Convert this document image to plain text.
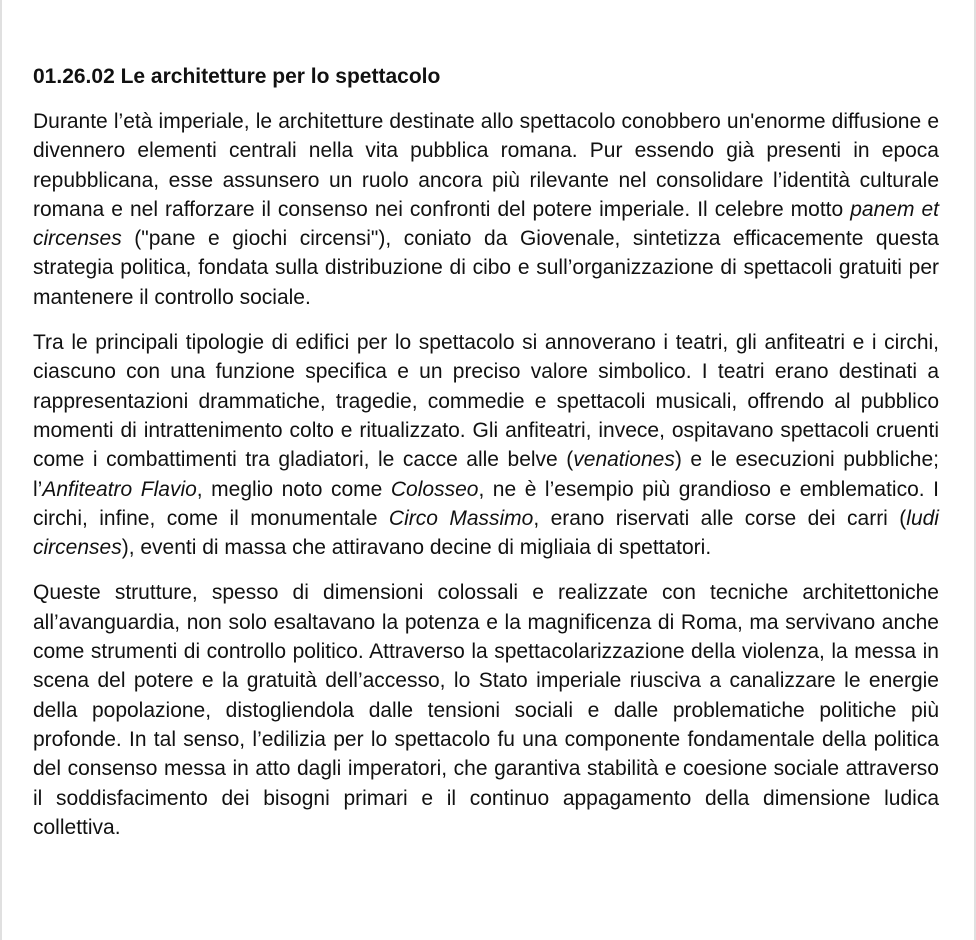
01.26.02 Le architetture per lo spettacolo

Durante l’età imperiale, le architetture destinate allo spettacolo conobbero un'enorme diffusione e divennero elementi centrali nella vita pubblica romana. Pur essendo già presenti in epoca repubblicana, esse assunsero un ruolo ancora più rilevante nel consolidare l’identità culturale romana e nel rafforzare il consenso nei confronti del potere imperiale. Il celebre motto panem et circenses ("pane e giochi circensi"), coniato da Giovenale, sintetizza efficacemente questa strategia politica, fondata sulla distribuzione di cibo e sull’organizzazione di spettacoli gratuiti per mantenere il controllo sociale.

Tra le principali tipologie di edifici per lo spettacolo si annoverano i teatri, gli anfiteatri e i circhi, ciascuno con una funzione specifica e un preciso valore simbolico. I teatri erano destinati a rappresentazioni drammatiche, tragedie, commedie e spettacoli musicali, offrendo al pubblico momenti di intrattenimento colto e ritualizzato. Gli anfiteatri, invece, ospitavano spettacoli cruenti come i combattimenti tra gladiatori, le cacce alle belve (venationes) e le esecuzioni pubbliche; l’Anfiteatro Flavio, meglio noto come Colosseo, ne è l’esempio più grandioso e emblematico. I circhi, infine, come il monumentale Circo Massimo, erano riservati alle corse dei carri (ludi circenses), eventi di massa che attiravano decine di migliaia di spettatori.

Queste strutture, spesso di dimensioni colossali e realizzate con tecniche architettoniche all’avanguardia, non solo esaltavano la potenza e la magnificenza di Roma, ma servivano anche come strumenti di controllo politico. Attraverso la spettacolarizzazione della violenza, la messa in scena del potere e la gratuità dell’accesso, lo Stato imperiale riusciva a canalizzare le energie della popolazione, distogliendola dalle tensioni sociali e dalle problematiche politiche più profonde. In tal senso, l’edilizia per lo spettacolo fu una componente fondamentale della politica del consenso messa in atto dagli imperatori, che garantiva stabilità e coesione sociale attraverso il soddisfacimento dei bisogni primari e il continuo appagamento della dimensione ludica collettiva.
